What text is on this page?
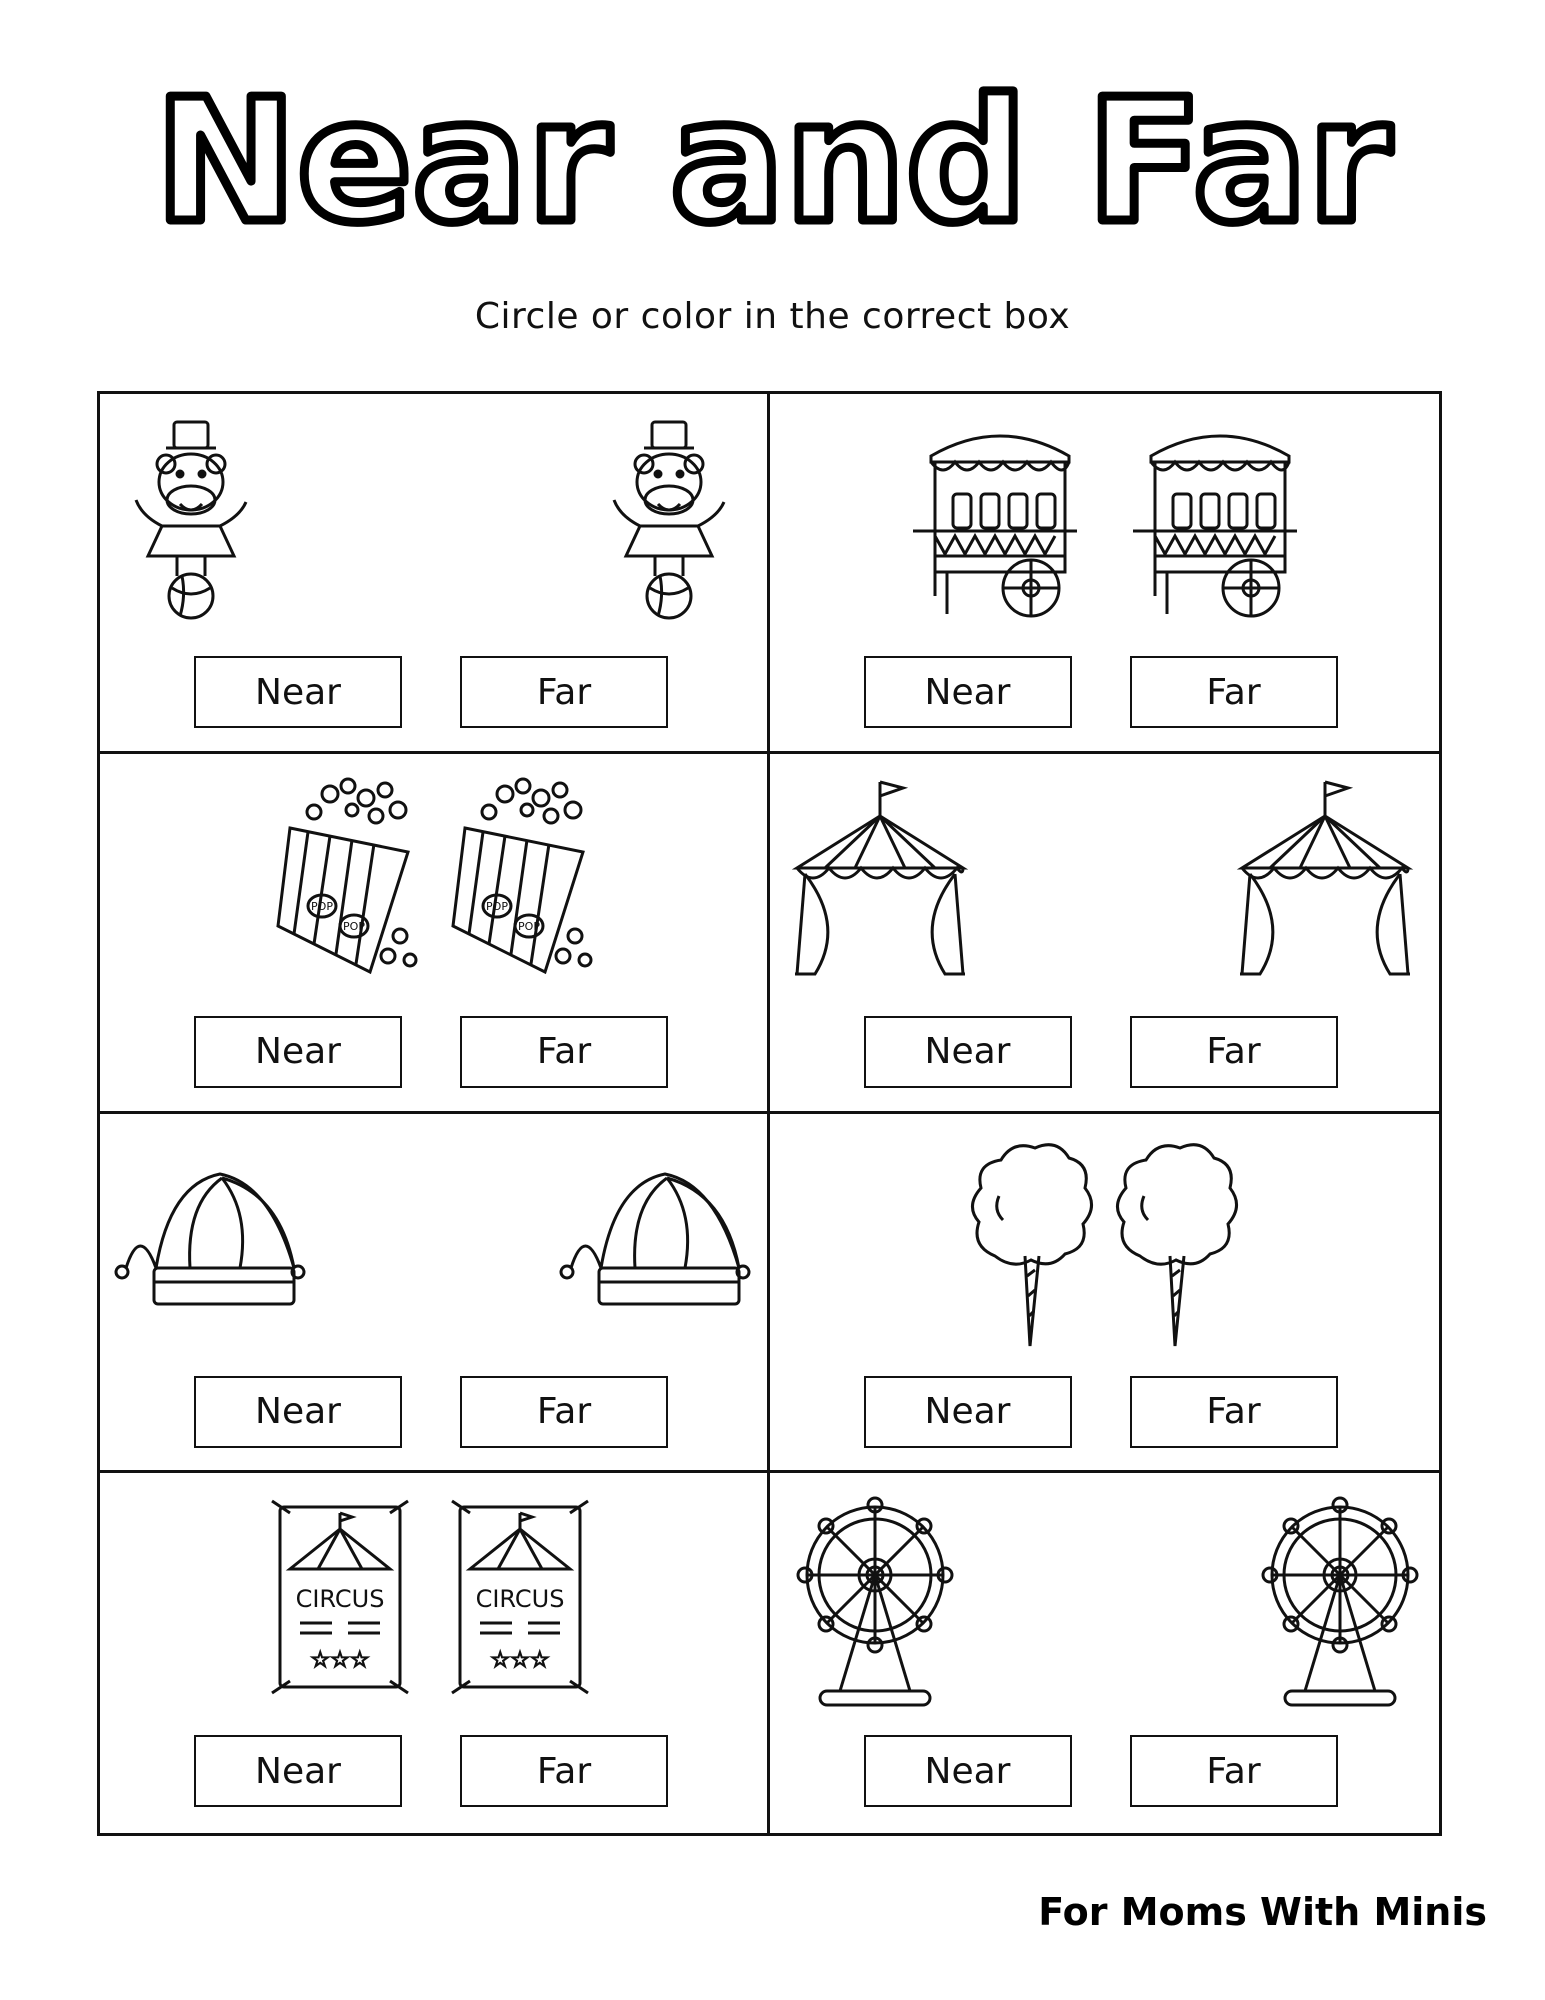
Near and Far
Circle or color in the correct box
Near	Far	Near	Far
POP
POP
POP
POP
Near	Far	Near	Far
Near	Far	Near	Far
CIRCUS
☆☆☆
CIRCUS
☆☆☆
Near	Far	Near	Far
For Moms With Minis
